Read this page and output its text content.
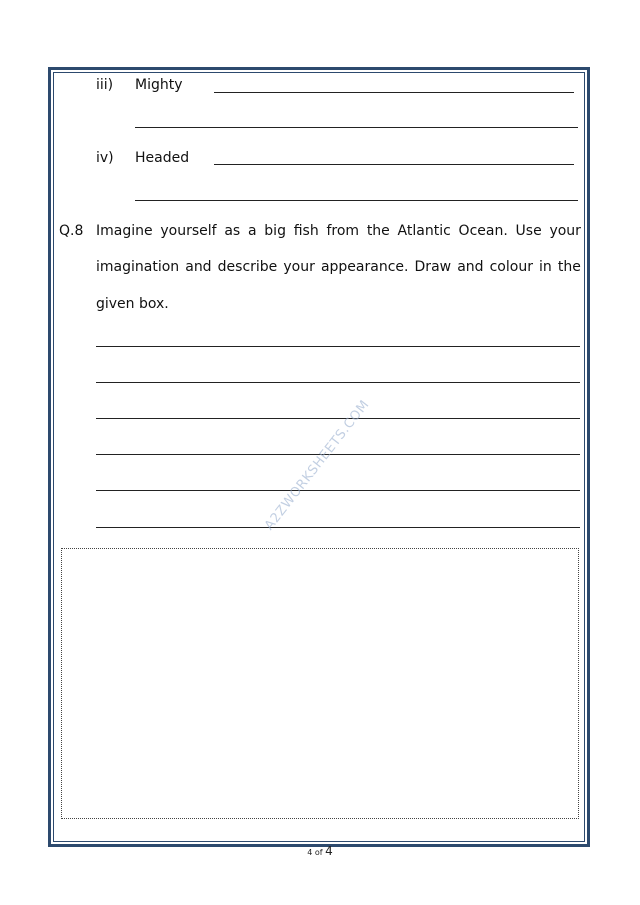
iii) Mighty
iv) Headed
Q.8 Imagine yourself as a big fish from the Atlantic Ocean. Use your
imagination and describe your appearance. Draw and colour in the
given box.
A2ZWORKSHEETS.COM
4 of 4
